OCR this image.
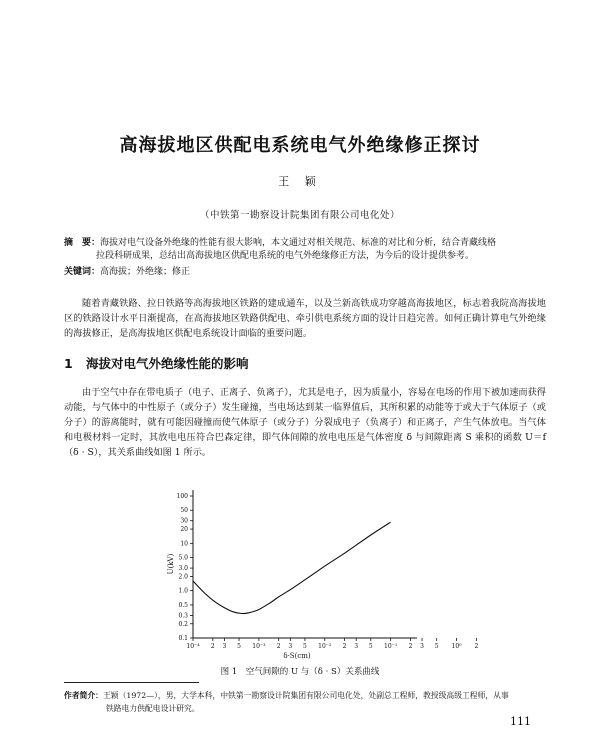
高海拔地区供配电系统电气外绝缘修正探讨
王 颖
（中铁第一勘察设计院集团有限公司电化处）
摘　要：海拔对电气设备外绝缘的性能有很大影响，本文通过对相关规范、标准的对比和分析，结合青藏线格
拉段科研成果，总结出高海拔地区供配电系统的电气外绝缘修正方法，为今后的设计提供参考。
关键词：高海拔；外绝缘；修正
随着青藏铁路、拉日铁路等高海拔地区铁路的建成通车，以及兰新高铁成功穿越高海拔地区，标志着我院高海拔地区的铁路设计水平日渐提高，在高海拔地区铁路供配电、牵引供电系统方面的设计日趋完善。如何正确计算电气外绝缘的海拔修正，是高海拔地区供配电系统设计面临的重要问题。
1 海拔对电气外绝缘性能的影响
由于空气中存在带电质子（电子、正离子、负离子），尤其是电子，因为质量小，容易在电场的作用下被加速而获得动能，与气体中的中性原子（或分子）发生碰撞，当电场达到某一临界值后，其所积累的动能等于或大于气体原子（或分子）的游离能时，就有可能因碰撞而使气体原子（或分子）分裂成电子（负离子）和正离子，产生气体放电。当气体和电极材料一定时，其放电电压符合巴森定律，即气体间隙的放电电压是气体密度 δ 与间隙距离 S 乘积的函数 U＝f（δ · S），其关系曲线如图 1 所示。
10⁻⁴ 2 3 5 10⁻³ 2 3 5 10⁻² 2 3 5 10⁻¹ 2 3 5 10⁰ 2
100
50
30
20
10
5.0
3.0
2.0
1.0
0.5
0.3
0.2
0.1
U(kV)
δ·S(cm)
图 1　空气间隙的 U 与（δ · S）关系曲线
作者简介：王颖（1972—），男，大学本科，中铁第一勘察设计院集团有限公司电化处，处副总工程师，教授级高级工程师，从事
铁路电力供配电设计研究。
111
